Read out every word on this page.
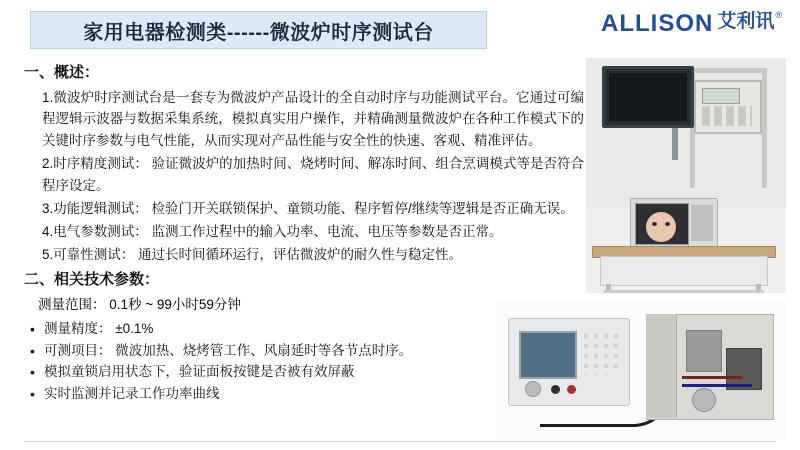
家用电器检测类------微波炉时序测试台	ALLISON 艾利讯 ®
一、概述：

1.微波炉时序测试台是一套专为微波炉产品设计的全自动时序与功能测试平台。它通过可编程逻辑示波器与数据采集系统，模拟真实用户操作，并精确测量微波炉在各种工作模式下的关键时序参数与电气性能，从而实现对产品性能与安全性的快速、客观、精准评估。

2.时序精度测试： 验证微波炉的加热时间、烧烤时间、解冻时间、组合烹调模式等是否符合程序设定。

3.功能逻辑测试： 检验门开关联锁保护、童锁功能、程序暂停/继续等逻辑是否正确无误。

4.电气参数测试： 监测工作过程中的输入功率、电流、电压等参数是否正常。

5.可靠性测试： 通过长时间循环运行，评估微波炉的耐久性与稳定性。

二、相关技术参数：
测量范围： 0.1秒 ~ 99小时59分钟
• 测量精度： ±0.1%
• 可测项目： 微波加热、烧烤管工作、风扇延时等各节点时序。
• 模拟童锁启用状态下，验证面板按键是否被有效屏蔽
• 实时监测并记录工作功率曲线
